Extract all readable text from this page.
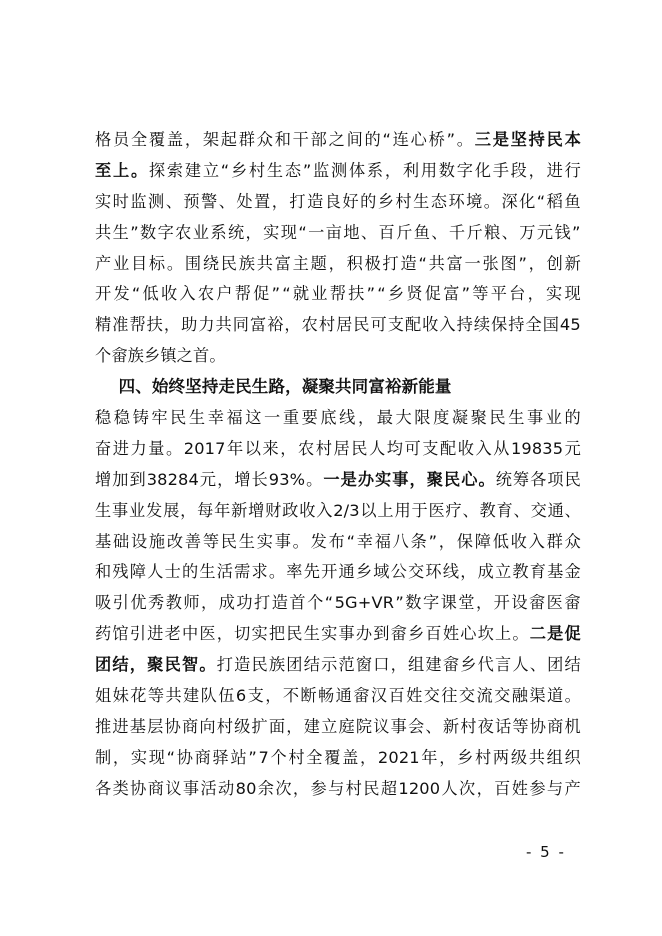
格 员 全 覆 盖 ， 架 起 群 众 和 干 部 之 间 的 “ 连 心 桥 ” 。 三 是 坚 持 民 本
至 上 。 探 索 建 立 “ 乡 村 生 态 ” 监 测 体 系 ， 利 用 数 字 化 手 段 ， 进 行
实 时 监 测 、 预 警 、 处 置 ， 打 造 良 好 的 乡 村 生 态 环 境 。 深 化 “ 稻 鱼
共 生 ” 数 字 农 业 系 统 ， 实 现 “ 一 亩 地 、 百 斤 鱼 、 千 斤 粮 、 万 元 钱 ”
产 业 目 标 。 围 绕 民 族 共 富 主 题 ， 积 极 打 造 “ 共 富 一 张 图 ” ， 创 新
开 发 “ 低 收 入 农 户 帮 促 ” “ 就 业 帮 扶 ” “ 乡 贤 促 富 ” 等 平 台 ， 实 现
精 准 帮 扶 ， 助 力 共 同 富 裕 ， 农 村 居 民 可 支 配 收 入 持 续 保 持 全 国 45
个畲族乡镇之首。
四、始终坚持走民生路，凝聚共同富裕新能量
稳 稳 铸 牢 民 生 幸 福 这 一 重 要 底 线 ， 最 大 限 度 凝 聚 民 生 事 业 的
奋 进 力 量 。 2017 年 以 来 ， 农 村 居 民 人 均 可 支 配 收 入 从 19835 元
增 加 到 38284 元 ， 增 长 93% 。 一 是 办 实 事 ， 聚 民 心 。 统 筹 各 项 民
生 事 业 发 展 ， 每 年 新 增 财 政 收 入 2/3 以 上 用 于 医 疗 、 教 育 、 交 通 、
基 础 设 施 改 善 等 民 生 实 事 。 发 布 “ 幸 福 八 条 ” ， 保 障 低 收 入 群 众
和 残 障 人 士 的 生 活 需 求 。 率 先 开 通 乡 域 公 交 环 线 ， 成 立 教 育 基 金
吸 引 优 秀 教 师 ， 成 功 打 造 首 个 “ 5G+VR ” 数 字 课 堂 ， 开 设 畲 医 畲
药 馆 引 进 老 中 医 ， 切 实 把 民 生 实 事 办 到 畲 乡 百 姓 心 坎 上 。 二 是 促
团 结 ， 聚 民 智 。 打 造 民 族 团 结 示 范 窗 口 ， 组 建 畲 乡 代 言 人 、 团 结
姐 妹 花 等 共 建 队 伍 6 支 ， 不 断 畅 通 畲 汉 百 姓 交 往 交 流 交 融 渠 道 。
推 进 基 层 协 商 向 村 级 扩 面 ， 建 立 庭 院 议 事 会 、 新 村 夜 话 等 协 商 机
制 ， 实 现 “ 协 商 驿 站 ” 7 个 村 全 覆 盖 ， 2021 年 ， 乡 村 两 级 共 组 织
各 类 协 商 议 事 活 动 80 余 次 ， 参 与 村 民 超 1200 人 次 ， 百 姓 参 与 产
- 5 -
